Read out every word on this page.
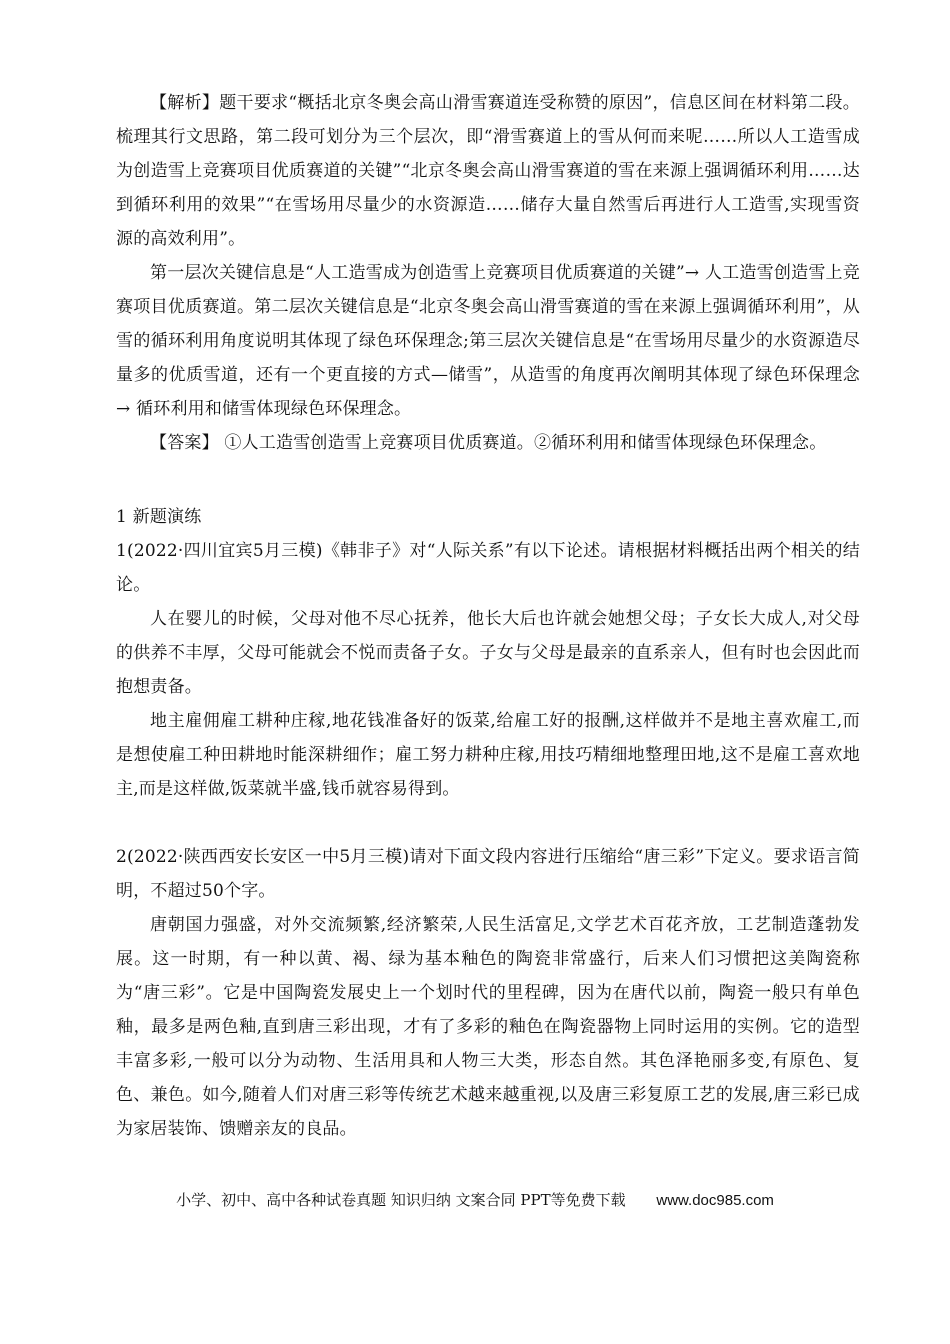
【解析】题干要求“概括北京冬奥会高山滑雪赛道连受称赞的原因”，信息区间在材料第二段。梳理其行文思路，第二段可划分为三个层次，即“滑雪赛道上的雪从何而来呢……所以人工造雪成为创造雪上竞赛项目优质赛道的关键”“北京冬奥会高山滑雪赛道的雪在来源上强调循环利用……达到循环利用的效果”“在雪场用尽量少的水资源造……储存大量自然雪后再进行人工造雪,实现雪资源的高效利用”。

第一层次关键信息是“人工造雪成为创造雪上竞赛项目优质赛道的关键”→ 人工造雪创造雪上竞赛项目优质赛道。第二层次关键信息是“北京冬奥会高山滑雪赛道的雪在来源上强调循环利用”，从雪的循环利用角度说明其体现了绿色环保理念;第三层次关键信息是“在雪场用尽量少的水资源造尽量多的优质雪道，还有一个更直接的方式—储雪”，从造雪的角度再次阐明其体现了绿色环保理念→ 循环利用和储雪体现绿色环保理念。

【答案】 ①人工造雪创造雪上竞赛项目优质赛道。②循环利用和储雪体现绿色环保理念。

1 新题演练

1(2022·四川宜宾5月三模)《韩非子》对“人际关系”有以下论述。请根据材料概括出两个相关的结论。

人在婴儿的时候，父母对他不尽心抚养，他长大后也许就会她想父母；子女长大成人,对父母的供养不丰厚，父母可能就会不悦而责备子女。子女与父母是最亲的直系亲人，但有时也会因此而抱想责备。

地主雇佣雇工耕种庄稼,地花钱准备好的饭菜,给雇工好的报酬,这样做并不是地主喜欢雇工,而是想使雇工种田耕地时能深耕细作；雇工努力耕种庄稼,用技巧精细地整理田地,这不是雇工喜欢地主,而是这样做,饭菜就半盛,钱币就容易得到。

2(2022·陕西西安长安区一中5月三模)请对下面文段内容进行压缩给“唐三彩”下定义。要求语言简明，不超过50个字。

唐朝国力强盛，对外交流频繁,经济繁荣,人民生活富足,文学艺术百花齐放，工艺制造蓬勃发展。这一时期，有一种以黄、褐、绿为基本釉色的陶瓷非常盛行，后来人们习惯把这美陶瓷称为“唐三彩”。它是中国陶瓷发展史上一个划时代的里程碑，因为在唐代以前，陶瓷一般只有单色釉，最多是两色釉,直到唐三彩出现，才有了多彩的釉色在陶瓷器物上同时运用的实例。它的造型丰富多彩,一般可以分为动物、生活用具和人物三大类，形态自然。其色泽艳丽多变,有原色、复色、兼色。如今,随着人们对唐三彩等传统艺术越来越重视,以及唐三彩复原工艺的发展,唐三彩已成为家居装饰、馈赠亲友的良品。

小学、初中、高中各种试卷真题 知识归纳 文案合同 PPT等免费下载 www.doc985.com
